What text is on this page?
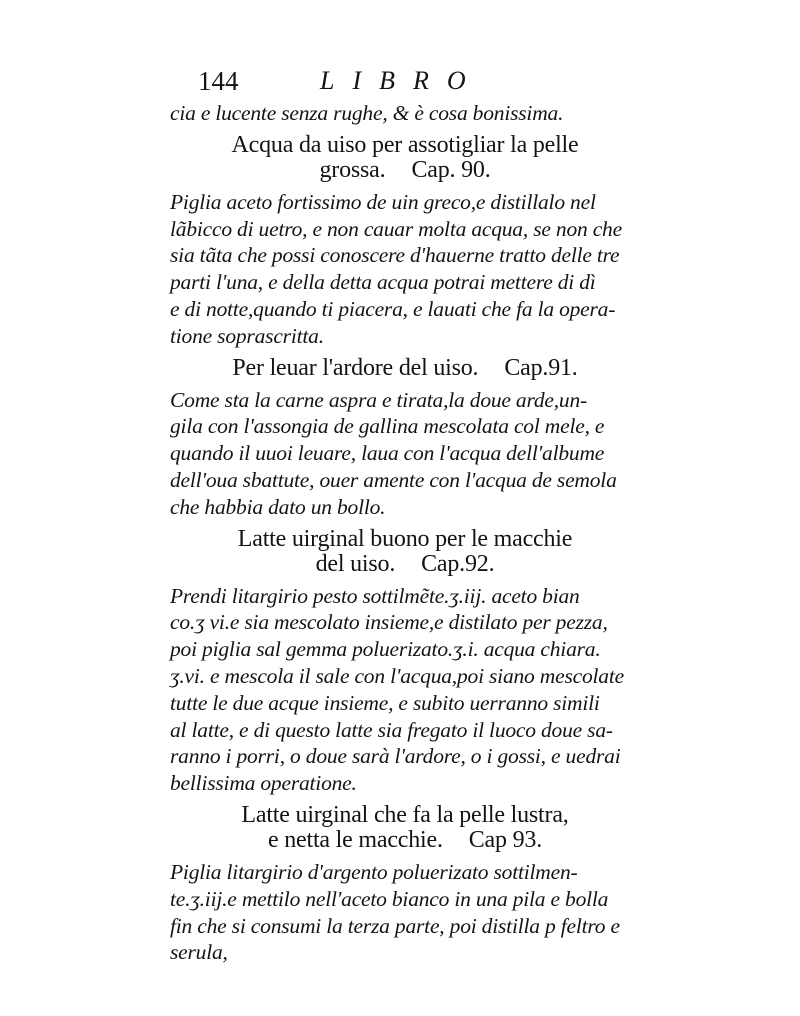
144	LIBRO
cia e lucente senza rughe, & è cosa bonissima.
Acqua da uiso per assotigliar la pelle
grossa. Cap. 90.
Piglia aceto fortissimo de uin greco,e distillalo nel
lãbicco di uetro, e non cauar molta acqua, se non che
sia tãta che possi conoscere d'hauerne tratto delle tre
parti l'una, e della detta acqua potrai mettere di dì
e di notte,quando ti piacera, e lauati che fa la opera-
tione soprascritta.
Per leuar l'ardore del uiso. Cap.91.
Come sta la carne aspra e tirata,la doue arde,un-
gila con l'assongia de gallina mescolata col mele, e
quando il uuoi leuare, laua con l'acqua dell'albume
dell'oua sbattute, ouer amente con l'acqua de semola
che habbia dato un bollo.
Latte uirginal buono per le macchie
del uiso. Cap.92.
Prendi litargirio pesto sottilmẽte.ʒ.iij. aceto bian
co.ʒ vi.e sia mescolato insieme,e distilato per pezza,
poi piglia sal gemma poluerizato.ʒ.i. acqua chiara.
ʒ.vi. e mescola il sale con l'acqua,poi siano mescolate
tutte le due acque insieme, e subito uerranno simili
al latte, e di questo latte sia fregato il luoco doue sa-
ranno i porri, o doue sarà l'ardore, o i gossi, e uedrai
bellissima operatione.
Latte uirginal che fa la pelle lustra,
e netta le macchie. Cap 93.
Piglia litargirio d'argento poluerizato sottilmen-
te.ʒ.iij.e mettilo nell'aceto bianco in una pila e bolla
fin che si consumi la terza parte, poi distilla p feltro e
serula,
